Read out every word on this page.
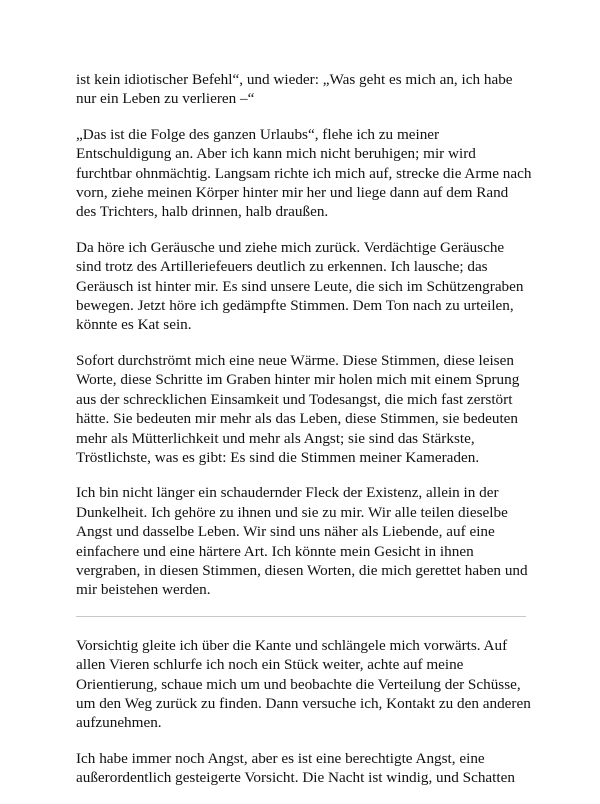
ist kein idiotischer Befehl“, und wieder: „Was geht es mich an, ich habe nur ein Leben zu verlieren –“

„Das ist die Folge des ganzen Urlaubs“, flehe ich zu meiner Entschuldigung an. Aber ich kann mich nicht beruhigen; mir wird furchtbar ohnmächtig. Langsam richte ich mich auf, strecke die Arme nach vorn, ziehe meinen Körper hinter mir her und liege dann auf dem Rand des Trichters, halb drinnen, halb draußen.

Da höre ich Geräusche und ziehe mich zurück. Verdächtige Geräusche sind trotz des Artilleriefeuers deutlich zu erkennen. Ich lausche; das Geräusch ist hinter mir. Es sind unsere Leute, die sich im Schützengraben bewegen. Jetzt höre ich gedämpfte Stimmen. Dem Ton nach zu urteilen, könnte es Kat sein.

Sofort durchströmt mich eine neue Wärme. Diese Stimmen, diese leisen Worte, diese Schritte im Graben hinter mir holen mich mit einem Sprung aus der schrecklichen Einsamkeit und Todesangst, die mich fast zerstört hätte. Sie bedeuten mir mehr als das Leben, diese Stimmen, sie bedeuten mehr als Mütterlichkeit und mehr als Angst; sie sind das Stärkste, Tröstlichste, was es gibt: Es sind die Stimmen meiner Kameraden.

Ich bin nicht länger ein schaudernder Fleck der Existenz, allein in der Dunkelheit. Ich gehöre zu ihnen und sie zu mir. Wir alle teilen dieselbe Angst und dasselbe Leben. Wir sind uns näher als Liebende, auf eine einfachere und eine härtere Art. Ich könnte mein Gesicht in ihnen vergraben, in diesen Stimmen, diesen Worten, die mich gerettet haben und mir beistehen werden.

Vorsichtig gleite ich über die Kante und schlängele mich vorwärts. Auf allen Vieren schlurfe ich noch ein Stück weiter, achte auf meine Orientierung, schaue mich um und beobachte die Verteilung der Schüsse, um den Weg zurück zu finden. Dann versuche ich, Kontakt zu den anderen aufzunehmen.

Ich habe immer noch Angst, aber es ist eine berechtigte Angst, eine außerordentlich gesteigerte Vorsicht. Die Nacht ist windig, und Schatten
